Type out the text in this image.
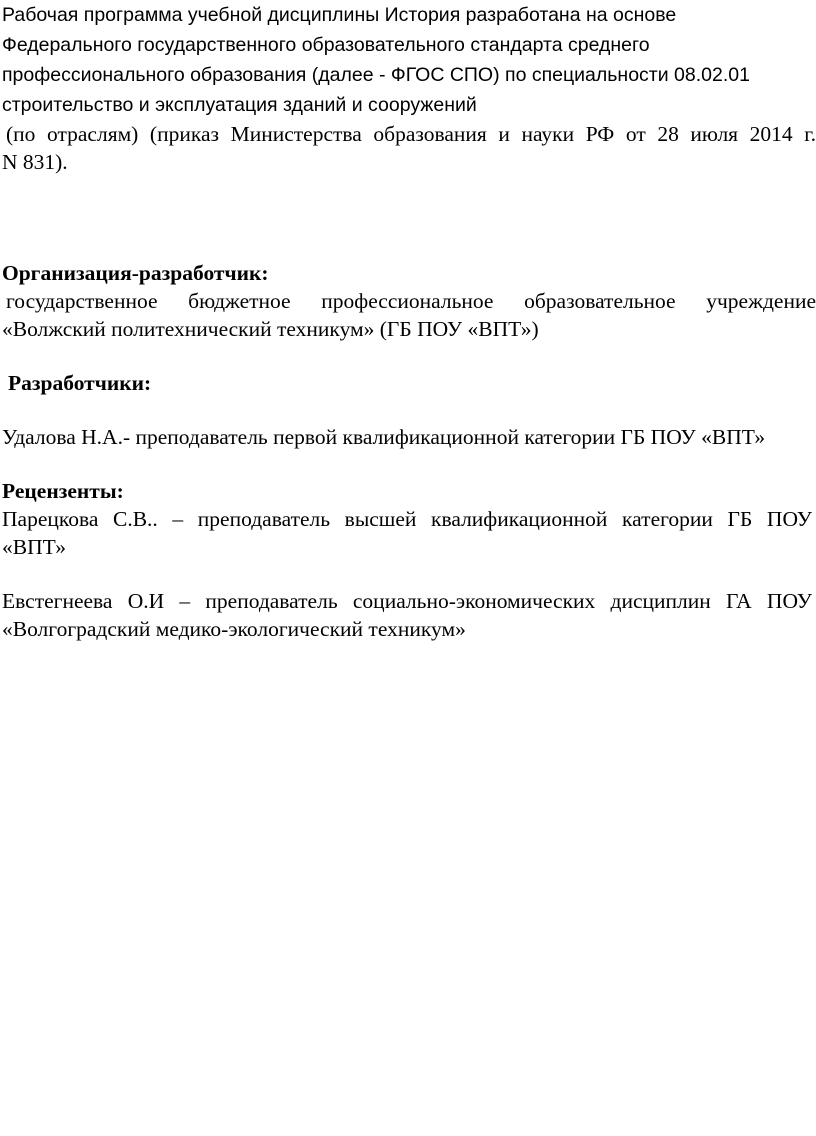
Рабочая программа учебной дисциплины История разработана на основе
Федерального государственного образовательного стандарта среднего
профессионального образования (далее - ФГОС СПО) по специальности 08.02.01
строительство и эксплуатация зданий и сооружений
(по отраслям) (приказ Министерства образования и науки РФ от 28 июля 2014 г.
N 831).
Организация-разработчик:
государственное бюджетное профессиональное образовательное учреждение
«Волжский политехнический техникум» (ГБ ПОУ «ВПТ»)
Разработчики:
Удалова Н.А.- преподаватель первой квалификационной категории ГБ ПОУ «ВПТ»
Рецензенты:
Парецкова С.В.. – преподаватель высшей квалификационной категории ГБ ПОУ
«ВПТ»
Евстегнеева О.И – преподаватель социально-экономических дисциплин ГА ПОУ
«Волгоградский медико-экологический техникум»
